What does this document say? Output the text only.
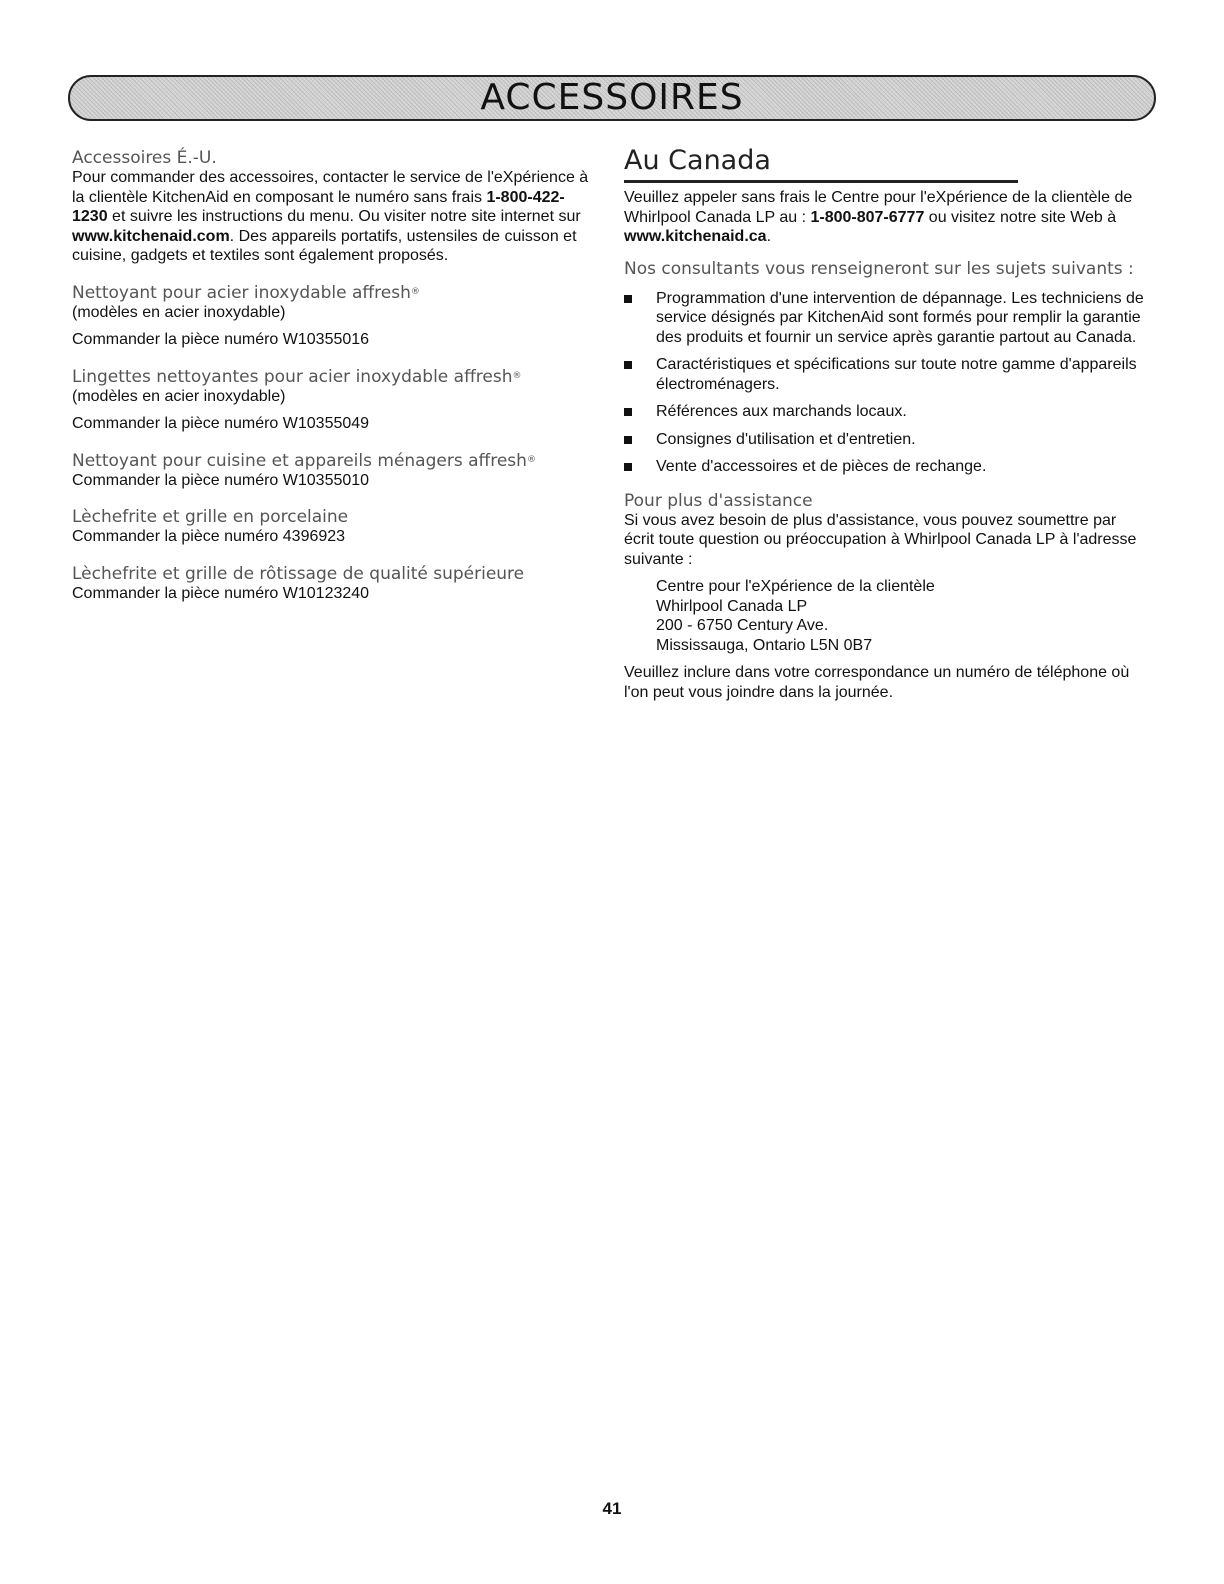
ACCESSOIRES

Accessoires É.-U.

Pour commander des accessoires, contacter le service de l'eXpérience à la clientèle KitchenAid en composant le numéro sans frais 1-800-422-1230 et suivre les instructions du menu. Ou visiter notre site internet sur www.kitchenaid.com. Des appareils portatifs, ustensiles de cuisson et cuisine, gadgets et textiles sont également proposés.

Nettoyant pour acier inoxydable affresh®

(modèles en acier inoxydable)

Commander la pièce numéro W10355016

Lingettes nettoyantes pour acier inoxydable affresh®

(modèles en acier inoxydable)

Commander la pièce numéro W10355049

Nettoyant pour cuisine et appareils ménagers affresh®

Commander la pièce numéro W10355010

Lèchefrite et grille en porcelaine

Commander la pièce numéro 4396923

Lèchefrite et grille de rôtissage de qualité supérieure

Commander la pièce numéro W10123240

Au Canada

Veuillez appeler sans frais le Centre pour l'eXpérience de la clientèle de Whirlpool Canada LP au : 1-800-807-6777 ou visitez notre site Web à www.kitchenaid.ca.

Nos consultants vous renseigneront sur les sujets suivants :

Programmation d'une intervention de dépannage. Les techniciens de service désignés par KitchenAid sont formés pour remplir la garantie des produits et fournir un service après garantie partout au Canada.
Caractéristiques et spécifications sur toute notre gamme d'appareils électroménagers.
Références aux marchands locaux.
Consignes d'utilisation et d'entretien.
Vente d'accessoires et de pièces de rechange.

Pour plus d'assistance

Si vous avez besoin de plus d'assistance, vous pouvez soumettre par écrit toute question ou préoccupation à Whirlpool Canada LP à l'adresse suivante :

Centre pour l'eXpérience de la clientèle

Whirlpool Canada LP

200 - 6750 Century Ave.

Mississauga, Ontario L5N 0B7

Veuillez inclure dans votre correspondance un numéro de téléphone où l'on peut vous joindre dans la journée.

41
